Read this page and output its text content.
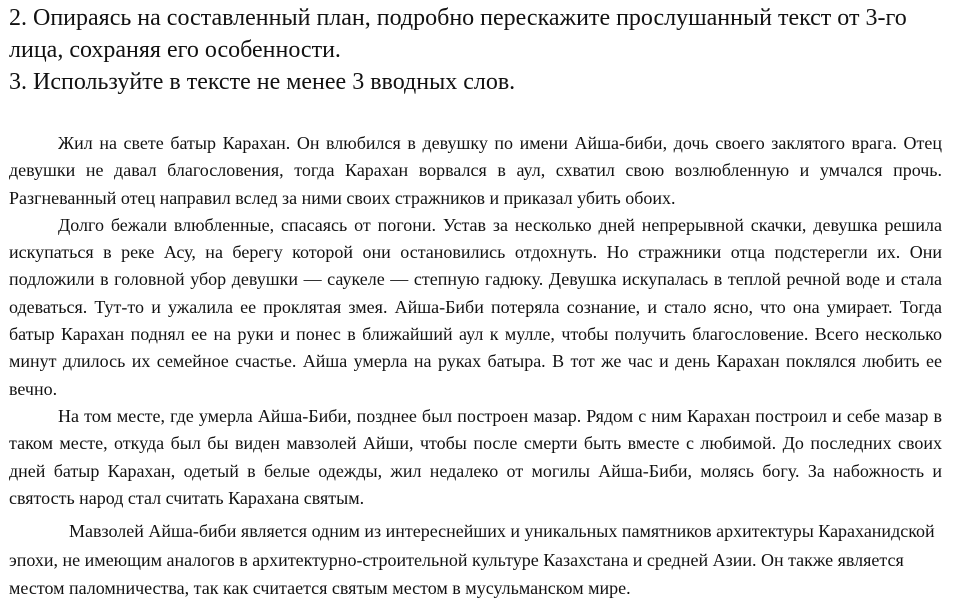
2. Опираясь на составленный план, подробно перескажите прослушанный текст от 3-го лица, сохраняя его особенности.

3. Используйте в тексте не менее 3 вводных слов.

Жил на свете батыр Карахан. Он влюбился в девушку по имени Айша-биби, дочь своего заклятого врага. Отец девушки не давал благословения, тогда Карахан ворвался в аул, схватил свою возлюбленную и умчался прочь. Разгневанный отец направил вслед за ними своих стражников и приказал убить обоих.

Долго бежали влюбленные, спасаясь от погони. Устав за несколько дней непрерывной скачки, девушка решила искупаться в реке Асу, на берегу которой они остановились отдохнуть. Но стражники отца подстерегли их. Они подложили в головной убор девушки — саукеле — степную гадюку. Девушка искупалась в теплой речной воде и стала одеваться. Тут-то и ужалила ее проклятая змея. Айша-Биби потеряла сознание, и стало ясно, что она умирает. Тогда батыр Карахан поднял ее на руки и понес в ближайший аул к мулле, чтобы получить благословение. Всего несколько минут длилось их семейное счастье. Айша умерла на руках батыра. В тот же час и день Карахан поклялся любить ее вечно.

На том месте, где умерла Айша-Биби, позднее был построен мазар. Рядом с ним Карахан построил и себе мазар в таком месте, откуда был бы виден мавзолей Айши, чтобы после смерти быть вместе с любимой. До последних своих дней батыр Карахан, одетый в белые одежды, жил недалеко от могилы Айша-Биби, молясь богу. За набожность и святость народ стал считать Карахана святым.

Мавзолей Айша-биби является одним из интереснейших и уникальных памятников архитектуры Караханидской эпохи, не имеющим аналогов в архитектурно-строительной культуре Казахстана и средней Азии. Он также является местом паломничества, так как считается святым местом в мусульманском мире.
